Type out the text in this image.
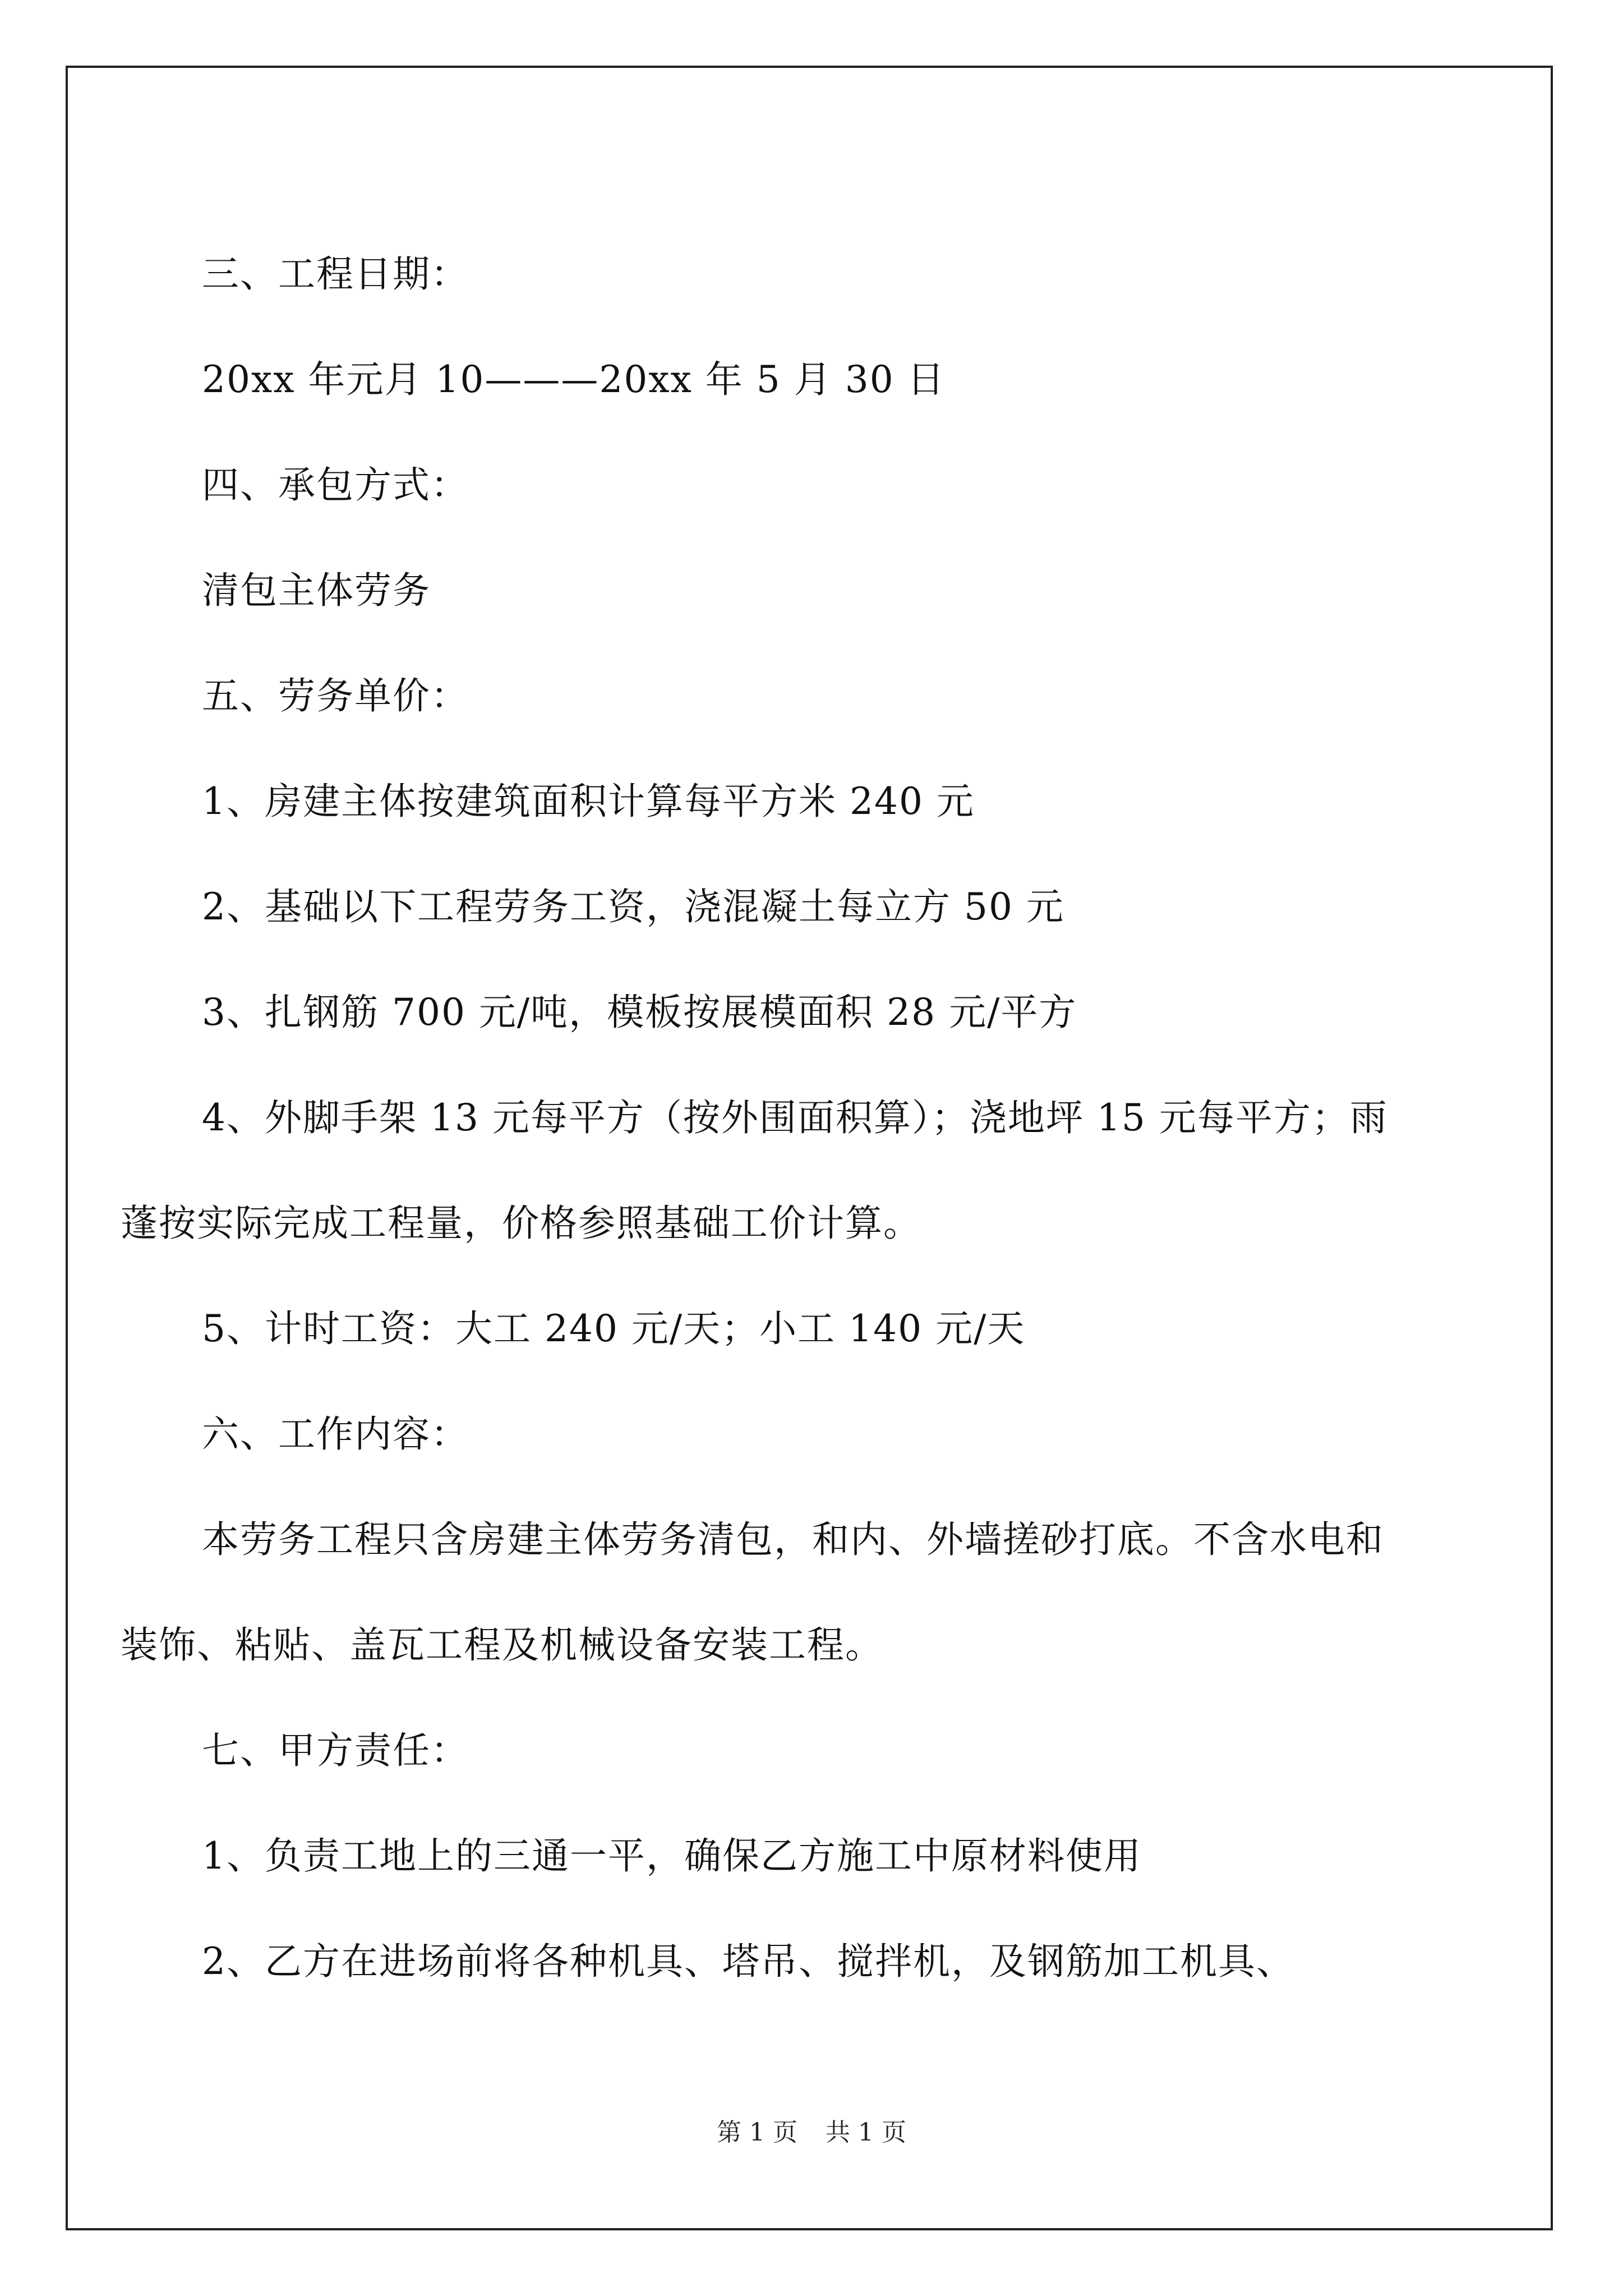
三、工程日期：

20xx 年元月 10———20xx 年 5 月 30 日

四、承包方式：

清包主体劳务

五、劳务单价：

1、房建主体按建筑面积计算每平方米 240 元

2、基础以下工程劳务工资，浇混凝土每立方 50 元

3、扎钢筋 700 元/吨，模板按展模面积 28 元/平方

4、外脚手架 13 元每平方（按外围面积算）；浇地坪 15 元每平方；雨蓬按实际完成工程量，价格参照基础工价计算。

5、计时工资：大工 240 元/天；小工 140 元/天

六、工作内容：

本劳务工程只含房建主体劳务清包，和内、外墙搓砂打底。不含水电和装饰、粘贴、盖瓦工程及机械设备安装工程。

七、甲方责任：

1、负责工地上的三通一平，确保乙方施工中原材料使用

2、乙方在进场前将各种机具、塔吊、搅拌机，及钢筋加工机具、

第 1 页 共 1 页
